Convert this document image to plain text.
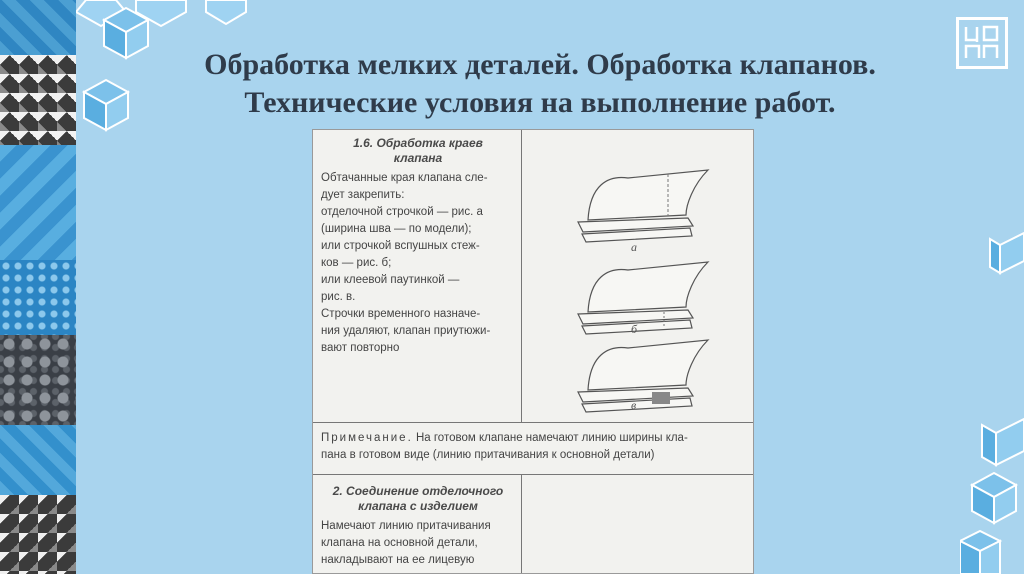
Обработка мелких деталей. Обработка клапанов.
Технические условия на выполнение работ.

1.6. Обработка краев
клапана

Обтачанные края клапана сле-
дует закрепить:
отделочной строчкой — рис. а
(ширина шва — по модели);
или строчкой вспушных стеж-
ков — рис. б;
или клеевой паутинкой —
рис. в.
Строчки временного назначе-
ния удаляют, клапан приутюжи-
вают повторно

а
б
в

Примечание. На готовом клапане намечают линию ширины кла-
пана в готовом виде (линию притачивания к основной детали)

2. Соединение отделочного
клапана с изделием

Намечают линию притачивания
клапана на основной детали,
накладывают на ее лицевую
